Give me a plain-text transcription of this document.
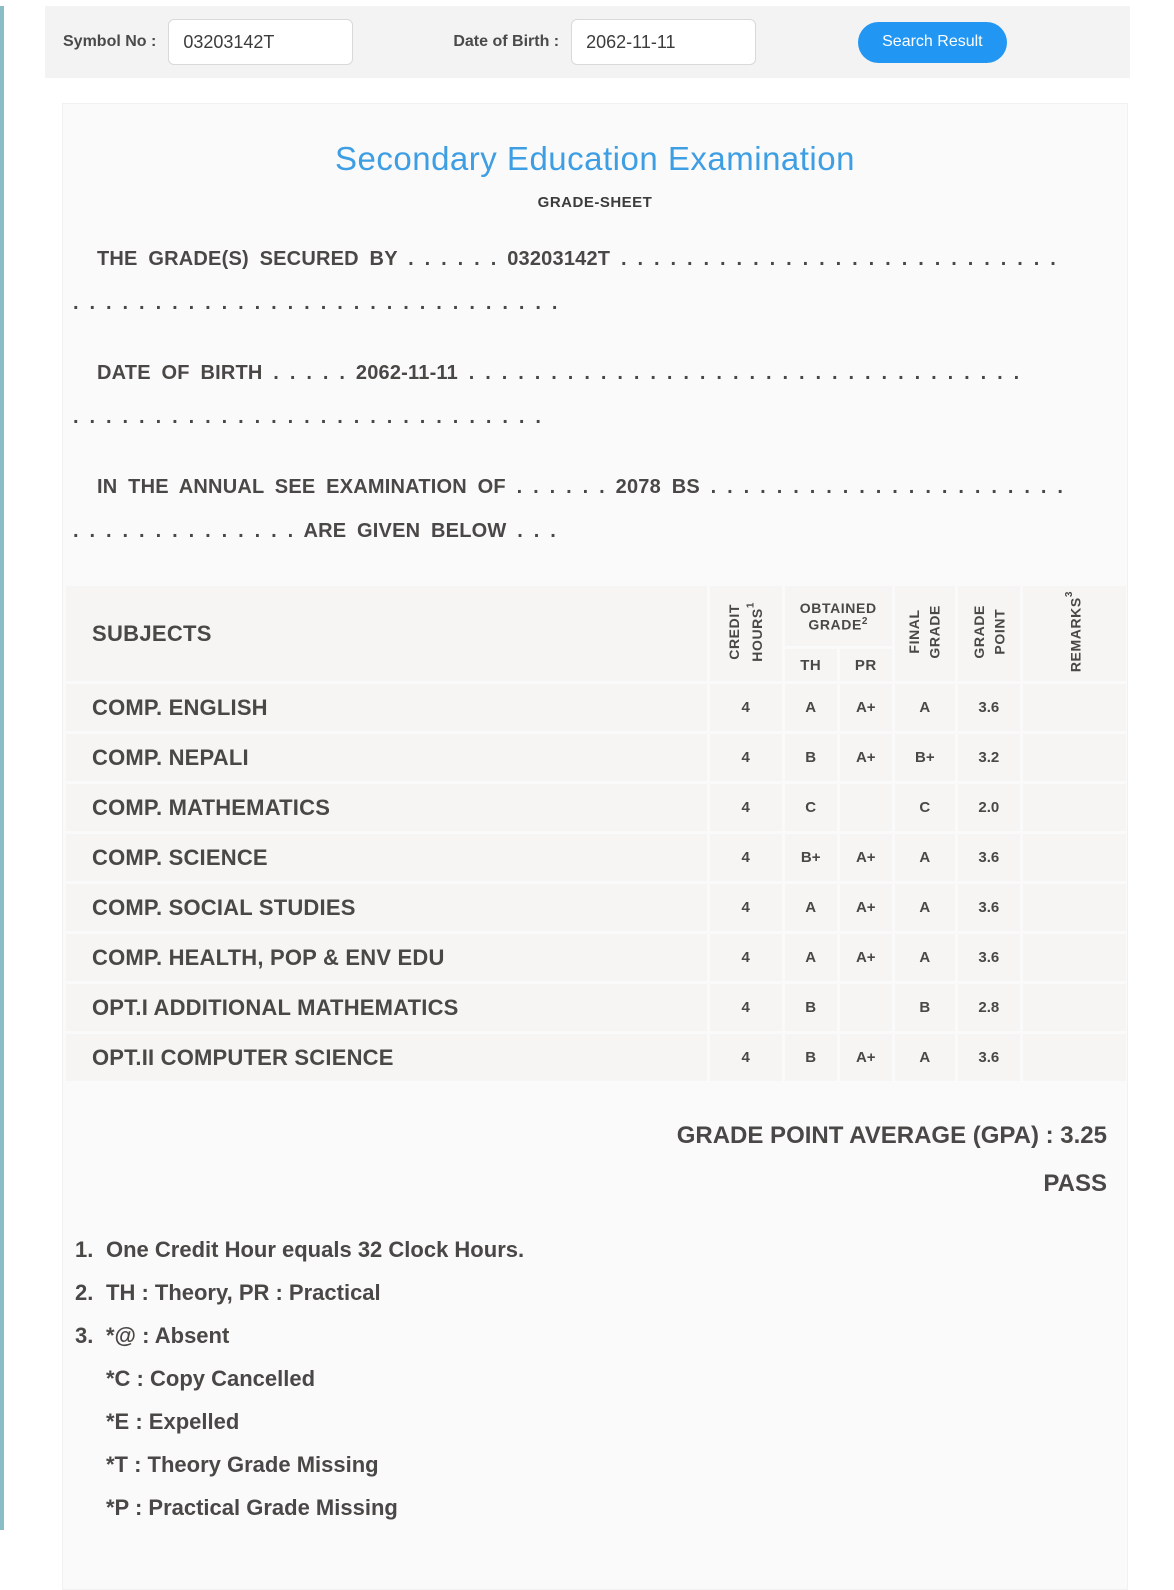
Symbol No :
03203142T	Date of Birth :
2062-11-11	Search Result
Secondary Education Examination
GRADE-SHEET
THE GRADE(S) SECURED BY . . . . . . 03203142T . . . . . . . . . . . . . . . . . . . . . . . . . . .
. . . . . . . . . . . . . . . . . . . . . . . . . . . . . .
DATE OF BIRTH . . . . . 2062-11-11 . . . . . . . . . . . . . . . . . . . . . . . . . . . . . . . . . .
. . . . . . . . . . . . . . . . . . . . . . . . . . . . .
IN THE ANNUAL SEE EXAMINATION OF . . . . . . 2078 BS . . . . . . . . . . . . . . . . . . . . . .
. . . . . . . . . . . . . . ARE GIVEN BELOW . . .
SUBJECTS	CREDIT HOURS$^1$	OBTAINED GRADE$^2$		FINAL GRADE	GRADE POINT	REMARKS$^3$

		TH	PR			
COMP. ENGLISH	4	A	A+	A	3.6	
COMP. NEPALI	4	B	A+	B+	3.2	
COMP. MATHEMATICS	4	C		C	2.0	
COMP. SCIENCE	4	B+	A+	A	3.6	
COMP. SOCIAL STUDIES	4	A	A+	A	3.6	
COMP. HEALTH, POP & ENV EDU	4	A	A+	A	3.6	
OPT.I ADDITIONAL MATHEMATICS	4	B		B	2.8	
OPT.II COMPUTER SCIENCE	4	B	A+	A	3.6	
GRADE POINT AVERAGE (GPA) : 3.25
PASS
1. One Credit Hour equals 32 Clock Hours.
2. TH : Theory, PR : Practical
3. *@ : Absent
*C : Copy Cancelled
*E : Expelled
*T : Theory Grade Missing
*P : Practical Grade Missing
